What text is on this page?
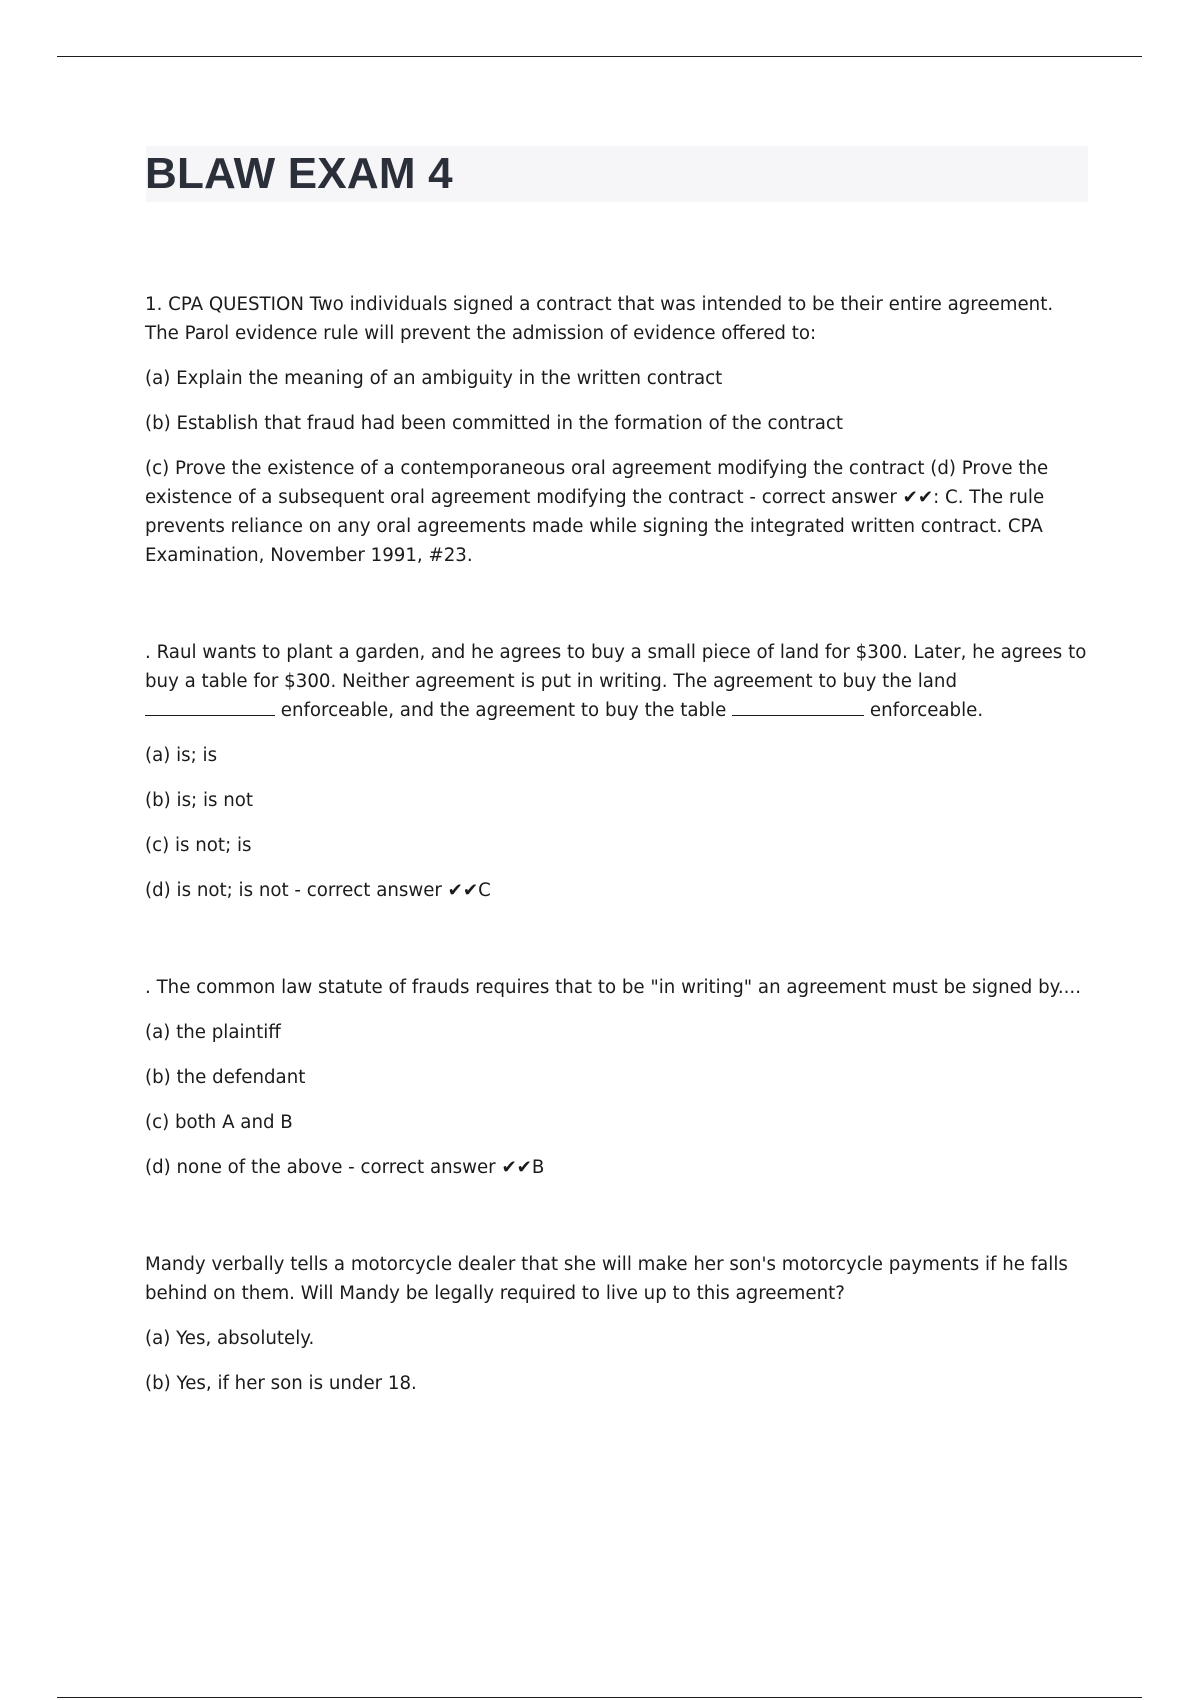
BLAW EXAM 4

1. CPA QUESTION Two individuals signed a contract that was intended to be their entire agreement. The Parol evidence rule will prevent the admission of evidence offered to:

(a) Explain the meaning of an ambiguity in the written contract

(b) Establish that fraud had been committed in the formation of the contract

(c) Prove the existence of a contemporaneous oral agreement modifying the contract (d) Prove the existence of a subsequent oral agreement modifying the contract - correct answer ✔✔: C. The rule prevents reliance on any oral agreements made while signing the integrated written contract. CPA Examination, November 1991, #23.

. Raul wants to plant a garden, and he agrees to buy a small piece of land for $300. Later, he agrees to buy a table for $300. Neither agreement is put in writing. The agreement to buy the land  enforceable, and the agreement to buy the table	enforceable.

(a) is; is

(b) is; is not

(c) is not; is

(d) is not; is not - correct answer ✔✔C

. The common law statute of frauds requires that to be "in writing" an agreement must be signed by....

(a) the plaintiff

(b) the defendant

(c) both A and B

(d) none of the above - correct answer ✔✔B

Mandy verbally tells a motorcycle dealer that she will make her son's motorcycle payments if he falls behind on them. Will Mandy be legally required to live up to this agreement?

(a) Yes, absolutely.

(b) Yes, if her son is under 18.
